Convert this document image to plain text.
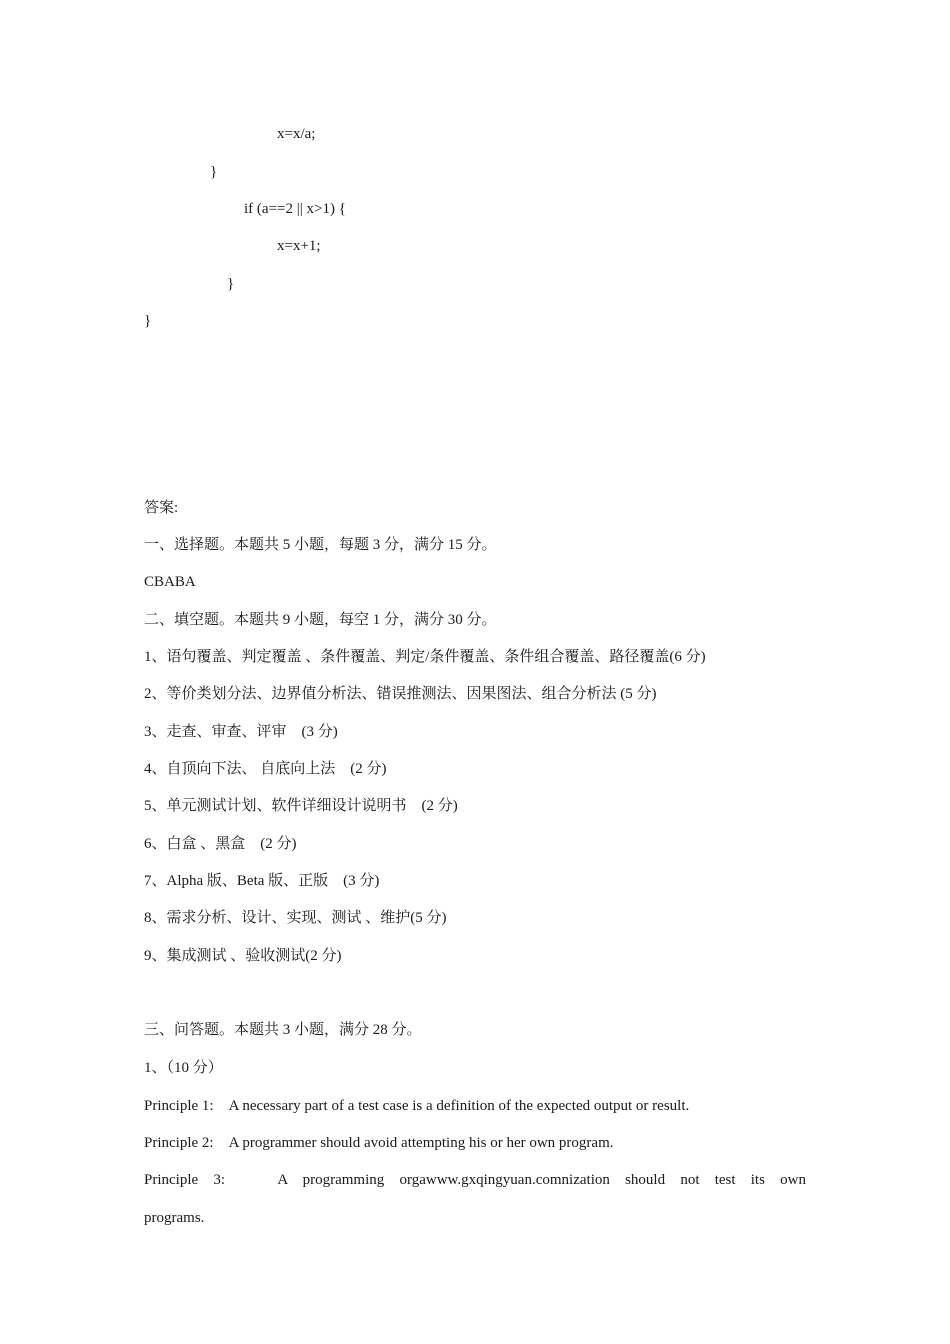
x=x/a;
}
if (a==2 || x>1) {
x=x+1;
}
}
答案:
一、选择题。本题共 5 小题，每题 3 分，满分 15 分。
CBABA
二、填空题。本题共 9 小题，每空 1 分，满分 30 分。
1、语句覆盖、判定覆盖 、条件覆盖、判定/条件覆盖、条件组合覆盖、路径覆盖(6 分)
2、等价类划分法、边界值分析法、错误推测法、因果图法、组合分析法 (5 分)
3、走查、审查、评审　(3 分)
4、自顶向下法、 自底向上法　(2 分)
5、单元测试计划、软件详细设计说明书　(2 分)
6、白盒 、黑盒　(2 分)
7、Alpha 版、Beta 版、正版　(3 分)
8、需求分析、设计、实现、测试 、维护(5 分)
9、集成测试 、验收测试(2 分)
三、问答题。本题共 3 小题，满分 28 分。
1、（10 分）
Principle 1:　A necessary part of a test case is a definition of the expected output or result.
Principle 2:　A programmer should avoid attempting his or her own program.
Principle 3:　 A programming orgawww.gxqingyuan.comnization should not test its own
programs.
